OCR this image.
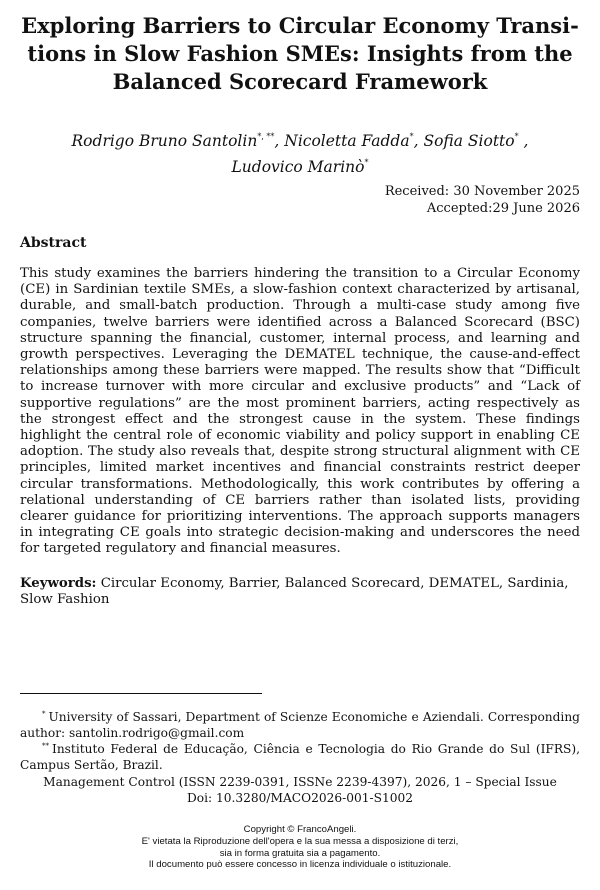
Exploring Barriers to Circular Economy Transi-
tions in Slow Fashion SMEs: Insights from the
Balanced Scorecard Framework
Rodrigo Bruno Santolin*, **, Nicoletta Fadda*, Sofia Siotto* ,
Ludovico Marinò*
Received: 30 November 2025
Accepted:29 June 2026
Abstract
This study examines the barriers hindering the transition to a Circular Economy (CE) in Sardinian textile SMEs, a slow-fashion context characterized by artisanal, durable, and small-batch production. Through a multi-case study among five companies, twelve barriers were identified across a Balanced Scorecard (BSC) structure spanning the financial, customer, internal process, and learning and growth perspectives. Leveraging the DEMATEL technique, the cause-and-effect relationships among these barriers were mapped. The results show that “Difficult to increase turnover with more circular and exclusive products” and “Lack of supportive regulations” are the most prominent barriers, acting respectively as the strongest effect and the strongest cause in the system. These findings highlight the central role of economic viability and policy support in enabling CE adoption. The study also reveals that, despite strong structural alignment with CE principles, limited market incentives and financial constraints restrict deeper circular transformations. Methodologically, this work contributes by offering a relational understanding of CE barriers rather than isolated lists, providing clearer guidance for prioritizing interventions. The approach supports managers in integrating CE goals into strategic decision-making and underscores the need for targeted regulatory and financial measures.
Keywords: Circular Economy, Barrier, Balanced Scorecard, DEMATEL, Sardinia, Slow Fashion
* University of Sassari, Department of Scienze Economiche e Aziendali. Corresponding author: santolin.rodrigo@gmail.com
** Instituto Federal de Educação, Ciência e Tecnologia do Rio Grande do Sul (IFRS), Campus Sertão, Brazil.
Management Control (ISSN 2239-0391, ISSNe 2239-4397), 2026, 1 – Special Issue
Doi: 10.3280/MACO2026-001-S1002
Copyright © FrancoAngeli.
E' vietata la Riproduzione dell'opera e la sua messa a disposizione di terzi,
sia in forma gratuita sia a pagamento.
Il documento può essere concesso in licenza individuale o istituzionale.
